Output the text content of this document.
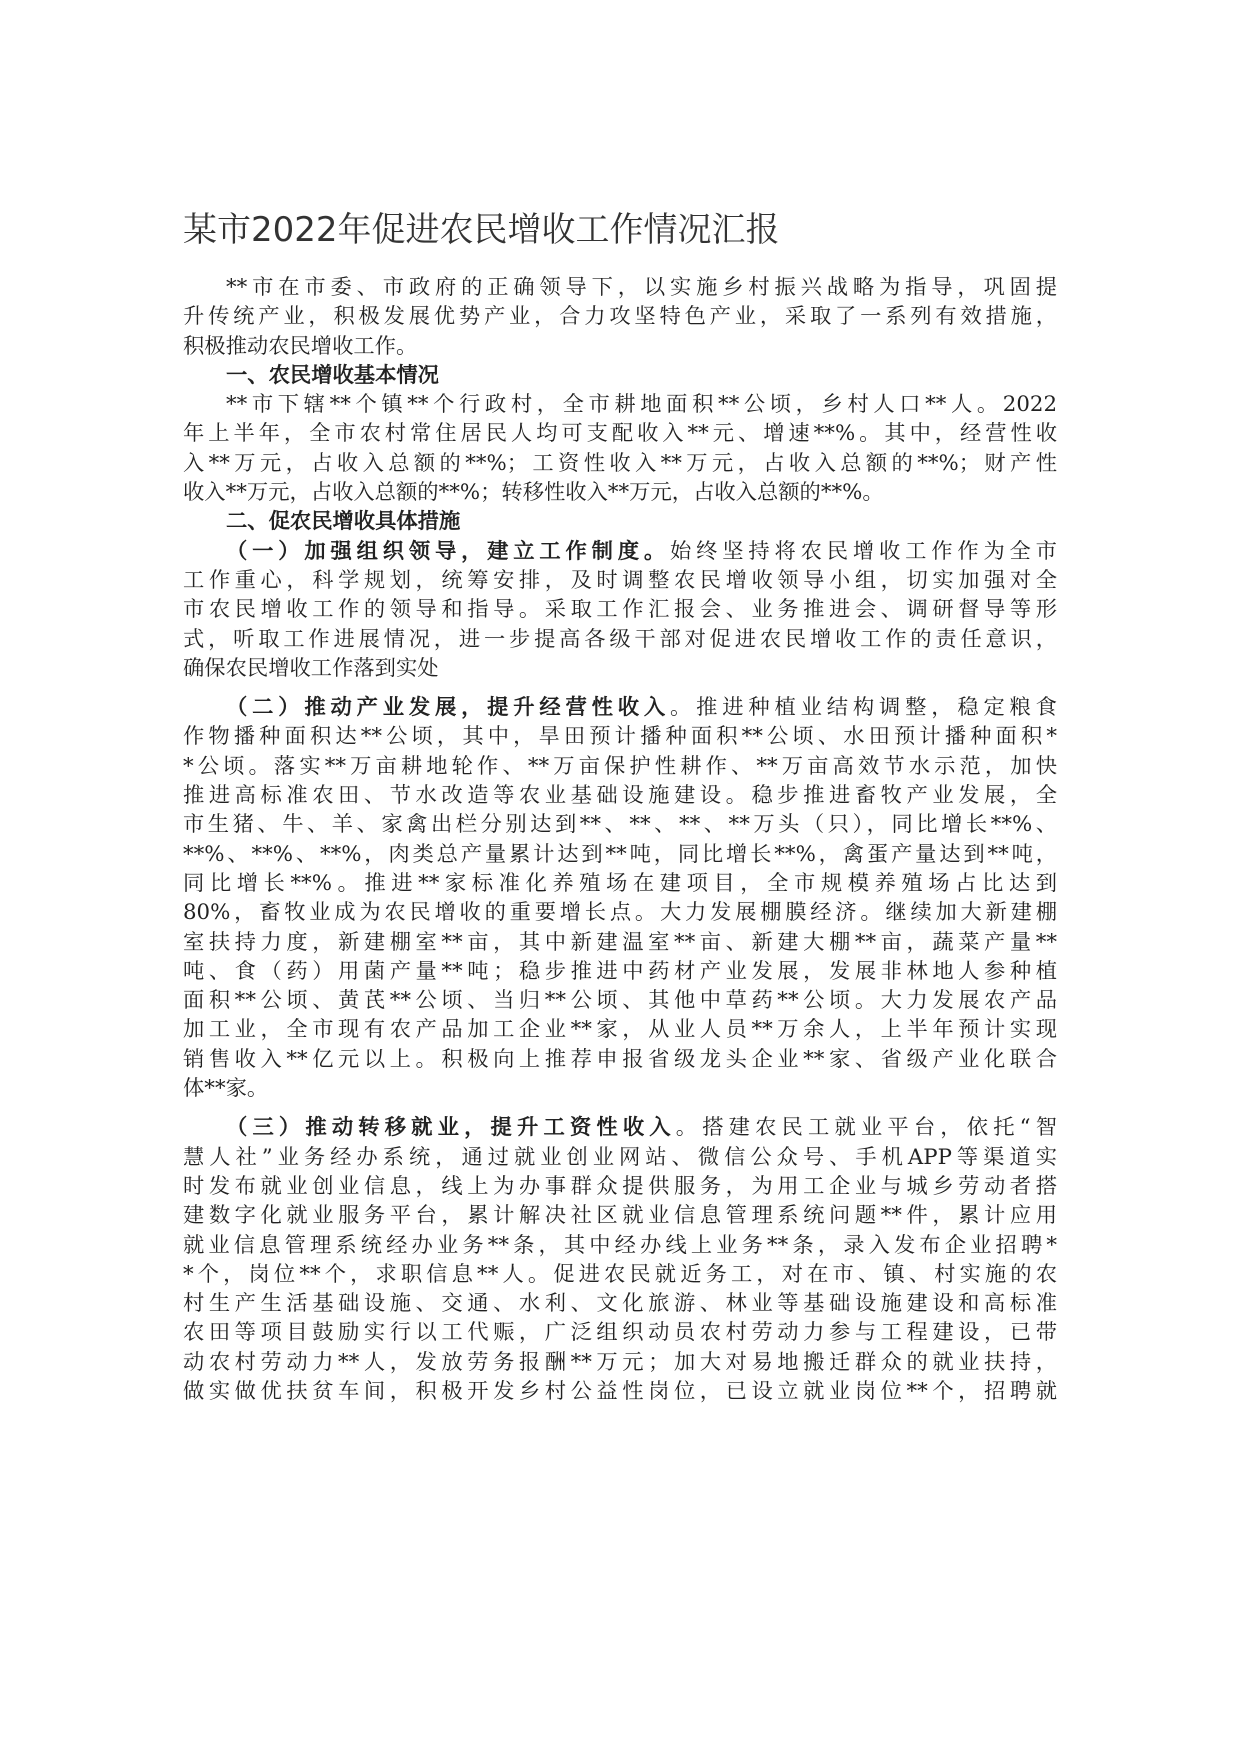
某市2022年促进农民增收工作情况汇报
**市在市委、市政府的正确领导下，以实施乡村振兴战略为指导，巩固提
升传统产业，积极发展优势产业，合力攻坚特色产业，采取了一系列有效措施，
积极推动农民增收工作。
一、农民增收基本情况
**市下辖**个镇**个行政村，全市耕地面积**公顷，乡村人口**人。2022
年上半年，全市农村常住居民人均可支配收入**元、增速**%。其中，经营性收
入**万元，占收入总额的**%；工资性收入**万元，占收入总额的**%；财产性
收入**万元，占收入总额的**%；转移性收入**万元，占收入总额的**%。
二、促农民增收具体措施
（一）加强组织领导，建立工作制度。始终坚持将农民增收工作作为全市
工作重心，科学规划，统筹安排，及时调整农民增收领导小组，切实加强对全
市农民增收工作的领导和指导。采取工作汇报会、业务推进会、调研督导等形
式，听取工作进展情况，进一步提高各级干部对促进农民增收工作的责任意识，
确保农民增收工作落到实处
（二）推动产业发展，提升经营性收入。推进种植业结构调整，稳定粮食
作物播种面积达**公顷，其中，旱田预计播种面积**公顷、水田预计播种面积*
*公顷。落实**万亩耕地轮作、**万亩保护性耕作、**万亩高效节水示范，加快
推进高标准农田、节水改造等农业基础设施建设。稳步推进畜牧产业发展，全
市生猪、牛、羊、家禽出栏分别达到**、**、**、**万头（只），同比增长**%、
**%、**%、**%，肉类总产量累计达到**吨，同比增长**%，禽蛋产量达到**吨，
同比增长**%。推进**家标准化养殖场在建项目，全市规模养殖场占比达到
80%，畜牧业成为农民增收的重要增长点。大力发展棚膜经济。继续加大新建棚
室扶持力度，新建棚室**亩，其中新建温室**亩、新建大棚**亩，蔬菜产量**
吨、食（药）用菌产量**吨；稳步推进中药材产业发展，发展非林地人参种植
面积**公顷、黄芪**公顷、当归**公顷、其他中草药**公顷。大力发展农产品
加工业，全市现有农产品加工企业**家，从业人员**万余人，上半年预计实现
销售收入**亿元以上。积极向上推荐申报省级龙头企业**家、省级产业化联合
体**家。
（三）推动转移就业，提升工资性收入。搭建农民工就业平台，依托“智
慧人社”业务经办系统，通过就业创业网站、微信公众号、手机APP等渠道实
时发布就业创业信息，线上为办事群众提供服务，为用工企业与城乡劳动者搭
建数字化就业服务平台，累计解决社区就业信息管理系统问题**件，累计应用
就业信息管理系统经办业务**条，其中经办线上业务**条，录入发布企业招聘*
*个，岗位**个，求职信息**人。促进农民就近务工，对在市、镇、村实施的农
村生产生活基础设施、交通、水利、文化旅游、林业等基础设施建设和高标准
农田等项目鼓励实行以工代赈，广泛组织动员农村劳动力参与工程建设，已带
动农村劳动力**人，发放劳务报酬**万元；加大对易地搬迁群众的就业扶持，
做实做优扶贫车间，积极开发乡村公益性岗位，已设立就业岗位**个，招聘就
